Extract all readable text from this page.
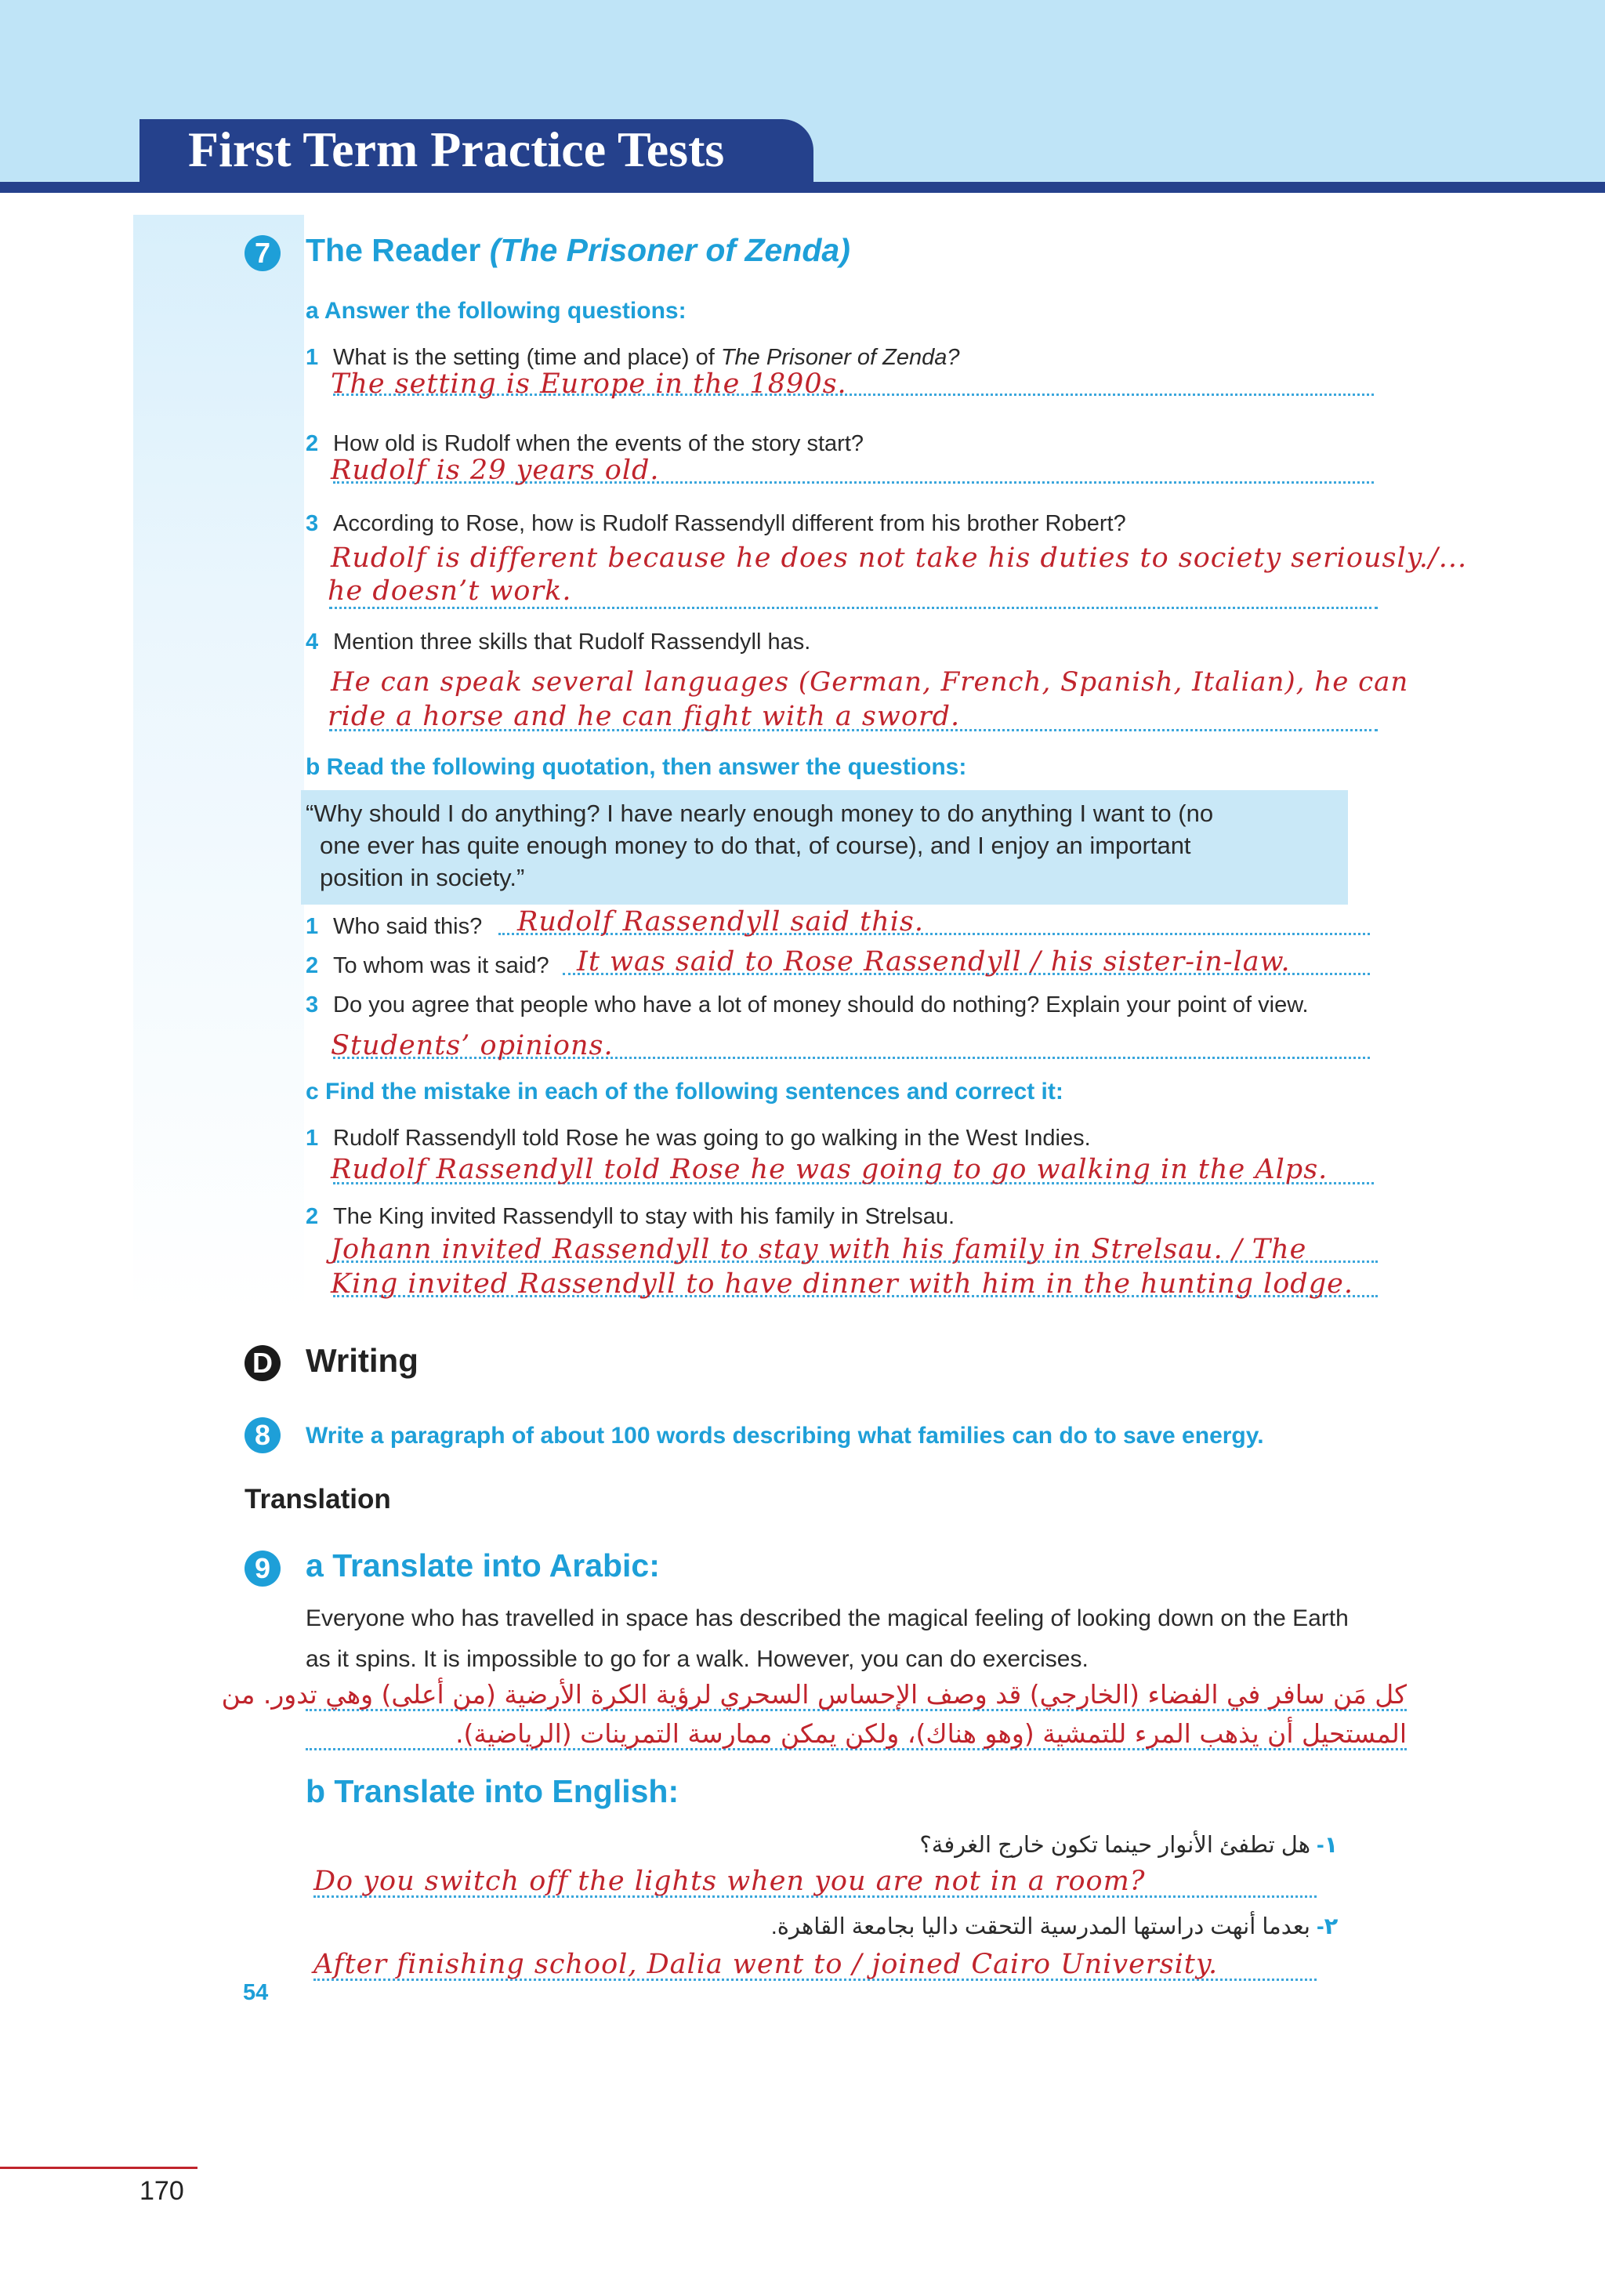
First Term Practice Tests
7	The Reader (The Prisoner of Zenda)
a Answer the following questions:
1 What is the setting (time and place) of The Prisoner of Zenda?
The setting is Europe in the 1890s.
2 How old is Rudolf when the events of the story start?
Rudolf is 29 years old.
3 According to Rose, how is Rudolf Rassendyll different from his brother Robert?
Rudolf is different because he does not take his duties to society seriously./...
he doesn’t work.
4 Mention three skills that Rudolf Rassendyll has.
He can speak several languages (German, French, Spanish, Italian), he can
ride a horse and he can fight with a sword.
b Read the following quotation, then answer the questions:
“Why should I do anything? I have nearly enough money to do anything I want to (no
one ever has quite enough money to do that, of course), and I enjoy an important
position in society.”
1 Who said this? Rudolf Rassendyll said this.
2 To whom was it said? It was said to Rose Rassendyll / his sister-in-law.
3 Do you agree that people who have a lot of money should do nothing? Explain your point of view.
Students’ opinions.
c Find the mistake in each of the following sentences and correct it:
1 Rudolf Rassendyll told Rose he was going to go walking in the West Indies.
Rudolf Rassendyll told Rose he was going to go walking in the Alps.
2 The King invited Rassendyll to stay with his family in Strelsau.
Johann invited Rassendyll to stay with his family in Strelsau. / The
King invited Rassendyll to have dinner with him in the hunting lodge.
D Writing
8	Write a paragraph of about 100 words describing what families can do to save energy.
Translation
9	a Translate into Arabic:
Everyone who has travelled in space has described the magical feeling of looking down on the Earth
as it spins. It is impossible to go for a walk. However, you can do exercises.
كل مَن سافر في الفضاء (الخارجي) قد وصف الإحساس السحري لرؤية الكرة الأرضية (من أعلى) وهي تدور. من
المستحيل أن يذهب المرء للتمشية (وهو هناك)، ولكن يمكن ممارسة التمرينات (الرياضية).
b Translate into English:
هل تطفئ الأنوار حينما تكون خارج الغرفة؟ ١-
Do you switch off the lights when you are not in a room?
بعدما أنهت دراستها المدرسية التحقت داليا بجامعة القاهرة. ٢-
After finishing school, Dalia went to / joined Cairo University.
54
170
